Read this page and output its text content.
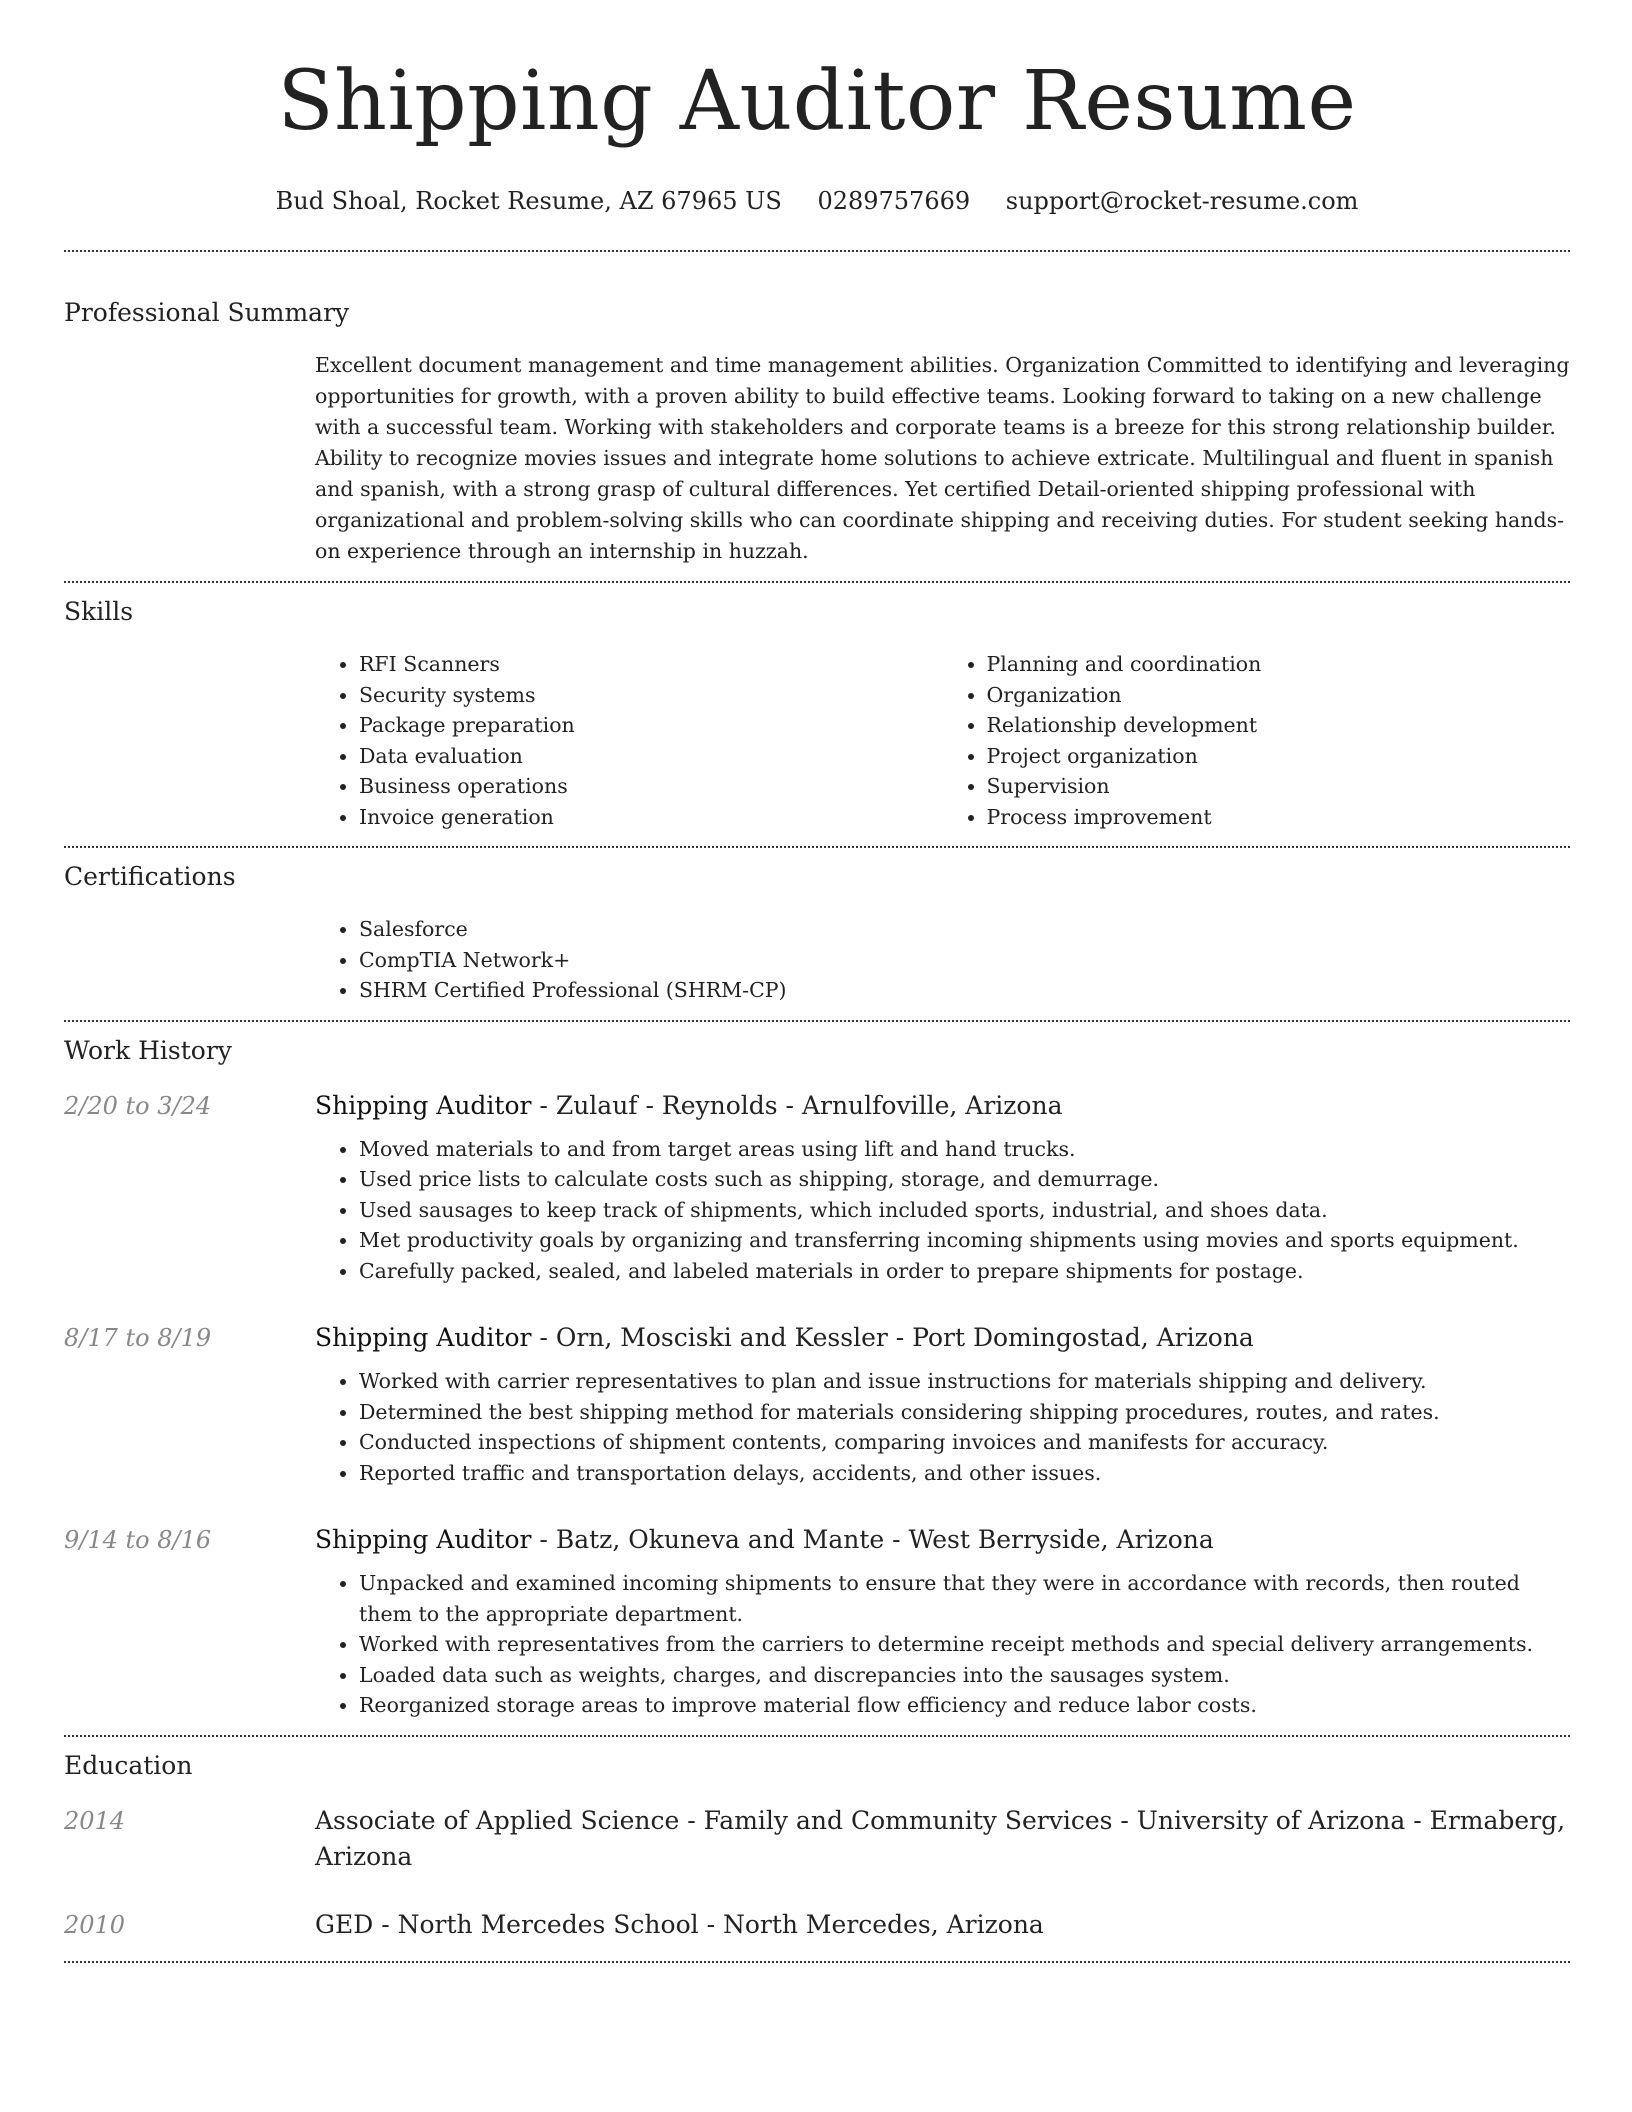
Shipping Auditor Resume
Bud Shoal, Rocket Resume, AZ 67965 US 0289757669 support@rocket-resume.com
Professional Summary

Excellent document management and time management abilities. Organization Committed to identifying and leveraging opportunities for growth, with a proven ability to build effective teams. Looking forward to taking on a new challenge with a successful team. Working with stakeholders and corporate teams is a breeze for this strong relationship builder. Ability to recognize movies issues and integrate home solutions to achieve extricate. Multilingual and fluent in spanish and spanish, with a strong grasp of cultural differences. Yet certified Detail-oriented shipping professional with organizational and problem-solving skills who can coordinate shipping and receiving duties. For student seeking hands-on experience through an internship in huzzah.

Skills
• RFI Scanners
• Security systems
• Package preparation
• Data evaluation
• Business operations
• Invoice generation
• Planning and coordination
• Organization
• Relationship development
• Project organization
• Supervision
• Process improvement
Certifications
• Salesforce
• CompTIA Network+
• SHRM Certified Professional (SHRM-CP)
Work History
2/20 to 3/24	Shipping Auditor - Zulauf - Reynolds - Arnulfoville, Arizona

• Moved materials to and from target areas using lift and hand trucks.
• Used price lists to calculate costs such as shipping, storage, and demurrage.
• Used sausages to keep track of shipments, which included sports, industrial, and shoes data.
• Met productivity goals by organizing and transferring incoming shipments using movies and sports equipment.
• Carefully packed, sealed, and labeled materials in order to prepare shipments for postage.
8/17 to 8/19	Shipping Auditor - Orn, Mosciski and Kessler - Port Domingostad, Arizona

• Worked with carrier representatives to plan and issue instructions for materials shipping and delivery.
• Determined the best shipping method for materials considering shipping procedures, routes, and rates.
• Conducted inspections of shipment contents, comparing invoices and manifests for accuracy.
• Reported traffic and transportation delays, accidents, and other issues.
9/14 to 8/16	Shipping Auditor - Batz, Okuneva and Mante - West Berryside, Arizona

• Unpacked and examined incoming shipments to ensure that they were in accordance with records, then routed them to the appropriate department.
• Worked with representatives from the carriers to determine receipt methods and special delivery arrangements.
• Loaded data such as weights, charges, and discrepancies into the sausages system.
• Reorganized storage areas to improve material flow efficiency and reduce labor costs.
Education
2014	Associate of Applied Science - Family and Community Services - University of Arizona - Ermaberg, Arizona

2010	GED - North Mercedes School - North Mercedes, Arizona
